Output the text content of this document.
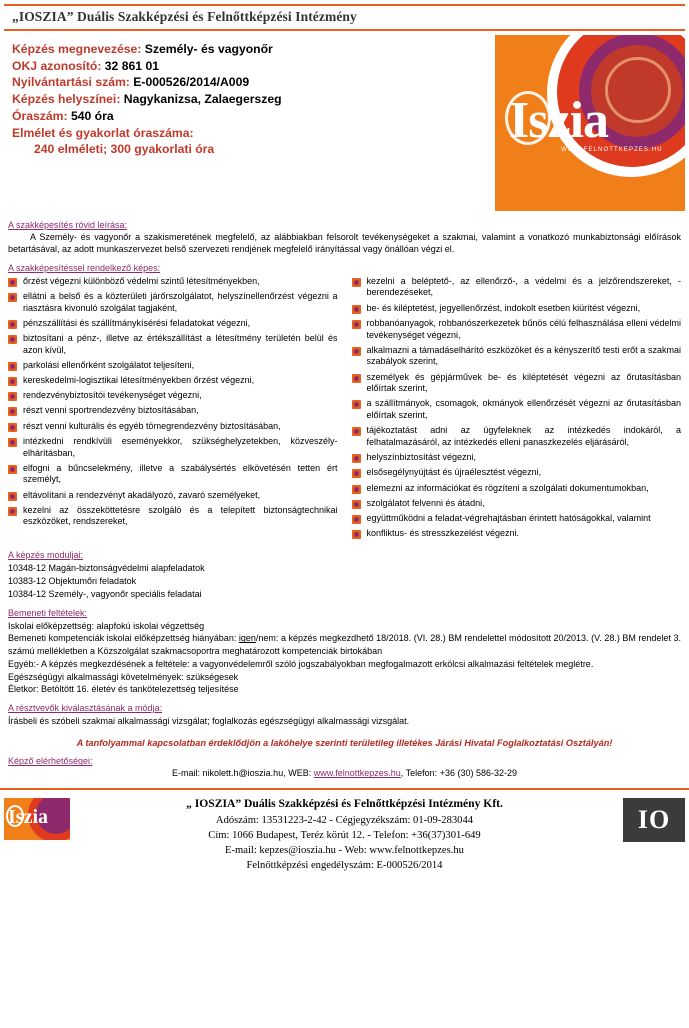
„IOSZIA” Duális Szakképzési és Felnőttképzési Intézmény
Képzés megnevezése: Személy- és vagyonőr
OKJ azonosító: 32 861 01
Nyilvántartási szám: E-000526/2014/A009
Képzés helyszínei: Nagykanizsa, Zalaegerszeg
Óraszám: 540 óra
Elmélet és gyakorlat óraszáma:
240 elméleti; 300 gyakorlati óra
Iszia
WWW.FELNOTTKEPZES.HU
A szakképesítés rövid leírása:
A Személy- és vagyonőr a szakismeretének megfelelő, az alábbiakban felsorolt tevékenységeket a szakmai, valamint a vonatkozó munkabiztonsági előírások betartásával, az adott munkaszervezet belső szervezeti rendjének megfelelő irányítással vagy önállóan végzi el.
A szakképesítéssel rendelkező képes:
őrzést végezni különböző védelmi szintű létesítményekben,
ellátni a belső és a közterületi járőrszolgálatot, helyszínellenőrzést végezni a riasztásra kivonuló szolgálat tagjaként,
pénzszállítási és szállítmánykísérési feladatokat végezni,
biztosítani a pénz-, illetve az értékszállítást a létesítmény területén belül és azon kívül,
parkolási ellenőrként szolgálatot teljesíteni,
kereskedelmi-logisztikai létesítményekben őrzést végezni,
rendezvénybiztosítói tevékenységet végezni,
részt venni sportrendezvény biztosításában,
részt venni kulturális és egyéb tömegrendezvény biztosításában,
intézkedni rendkívüli eseményekkor, szükséghelyzetekben, közveszély-elhárításban,
elfogni a bűncselekmény, illetve a szabálysértés elkövetésén tetten ért személyt,
eltávolítani a rendezvényt akadályozó, zavaró személyeket,
kezelni az összeköttetésre szolgáló és a telepített biztonságtechnikai eszközöket, rendszereket,
kezelni a beléptető-, az ellenőrző-, a védelmi és a jelzőrendszereket, -berendezéseket,
be- és kiléptetést, jegyellenőrzést, indokolt esetben kiürítést végezni,
robbanóanyagok, robbanószerkezetek bűnös célú felhasználása elleni védelmi tevékenységet végezni,
alkalmazni a támadáselhárító eszközöket és a kényszerítő testi erőt a szakmai szabályok szerint,
személyek és gépjárművek be- és kiléptetését végezni az őrutasításban előírtak szerint,
a szállítmányok, csomagok, okmányok ellenőrzését végezni az őrutasításban előírtak szerint,
tájékoztatást adni az ügyfeleknek az intézkedés indokáról, a felhatalmazásáról, az intézkedés elleni panaszkezelés eljárásáról,
helyszínbiztosítást végezni,
elsősegélynyújtást és újraélesztést végezni,
elemezni az információkat és rögzíteni a szolgálati dokumentumokban,
szolgálatot felvenni és átadni,
együttműködni a feladat-végrehajtásban érintett hatóságokkal, valamint
konfliktus- és stresszkezelést végezni.
A képzés moduljai:
10348-12 Magán-biztonságvédelmi alapfeladatok
10383-12 Objektumőri feladatok
10384-12 Személy-, vagyonőr speciális feladatai
Bemeneti feltételek:
Iskolai előképzettség: alapfokú iskolai végzettség
Bemeneti kompetenciák iskolai előképzettség hiányában: igen/nem: a képzés megkezdhető 18/2018. (VI. 28.) BM rendelettel módosított 20/2013. (V. 28.) BM rendelet 3. számú mellékletben a Közszolgálat szakmacsoportra meghatározott kompetenciák birtokában
Egyéb:- A képzés megkezdésének a feltétele: a vagyonvédelemről szóló jogszabályokban megfogalmazott erkölcsi alkalmazási feltételek meglétre.
Egészségügyi alkalmassági követelmények: szükségesek
Életkor: Betöltött 16. életév és tankötelezettség teljesítése
A résztvevők kiválasztásának a módja:
Írásbeli és szóbeli szakmai alkalmassági vizsgálat; foglalkozás egészségügyi alkalmassági vizsgálat.
A tanfolyammal kapcsolatban érdeklődjön a lakóhelye szerinti területileg illetékes Járási Hivatal Foglalkoztatási Osztályán!
Képző elérhetőségei:
E-mail: nikolett.h@ioszia.hu, WEB: www.felnottkepzes.hu, Telefon: +36 (30) 586-32-29
Iszia
„ IOSZIA” Duális Szakképzési és Felnőttképzési Intézmény Kft.
Adószám: 13531223-2-42 - Cégjegyzékszám: 01-09-283044
Cím: 1066 Budapest, Teréz körút 12. - Telefon: +36(37)301-649
E-mail: kepzes@ioszia.hu - Web: www.felnottkepzes.hu
Felnőttképzési engedélyszám: E-000526/2014
IO
